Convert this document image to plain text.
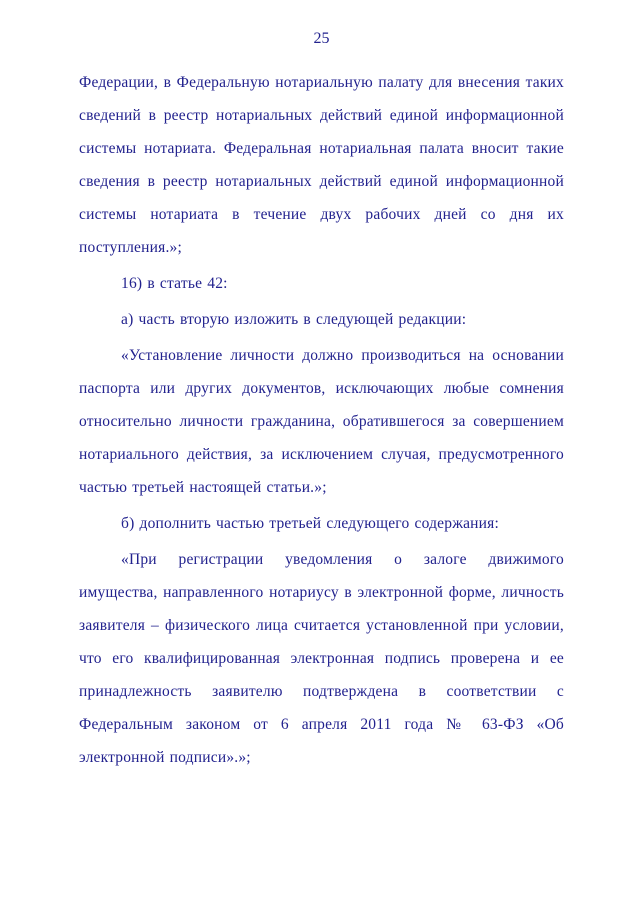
25

Федерации, в Федеральную нотариальную палату для внесения таких сведений в реестр нотариальных действий единой информационной системы нотариата. Федеральная нотариальная палата вносит такие сведения в реестр нотариальных действий единой информационной системы нотариата в течение двух рабочих дней со дня их поступления.»;

16) в статье 42:

а) часть вторую изложить в следующей редакции:

«Установление личности должно производиться на основании паспорта или других документов, исключающих любые сомнения относительно личности гражданина, обратившегося за совершением нотариального действия, за исключением случая, предусмотренного частью третьей настоящей статьи.»;

б) дополнить частью третьей следующего содержания:

«При регистрации уведомления о залоге движимого имущества, направленного нотариусу в электронной форме, личность заявителя – физического лица считается установленной при условии, что его квалифицированная электронная подпись проверена и ее принадлежность заявителю подтверждена в соответствии с Федеральным законом от 6 апреля 2011 года № 63-ФЗ «Об электронной подписи».»;
